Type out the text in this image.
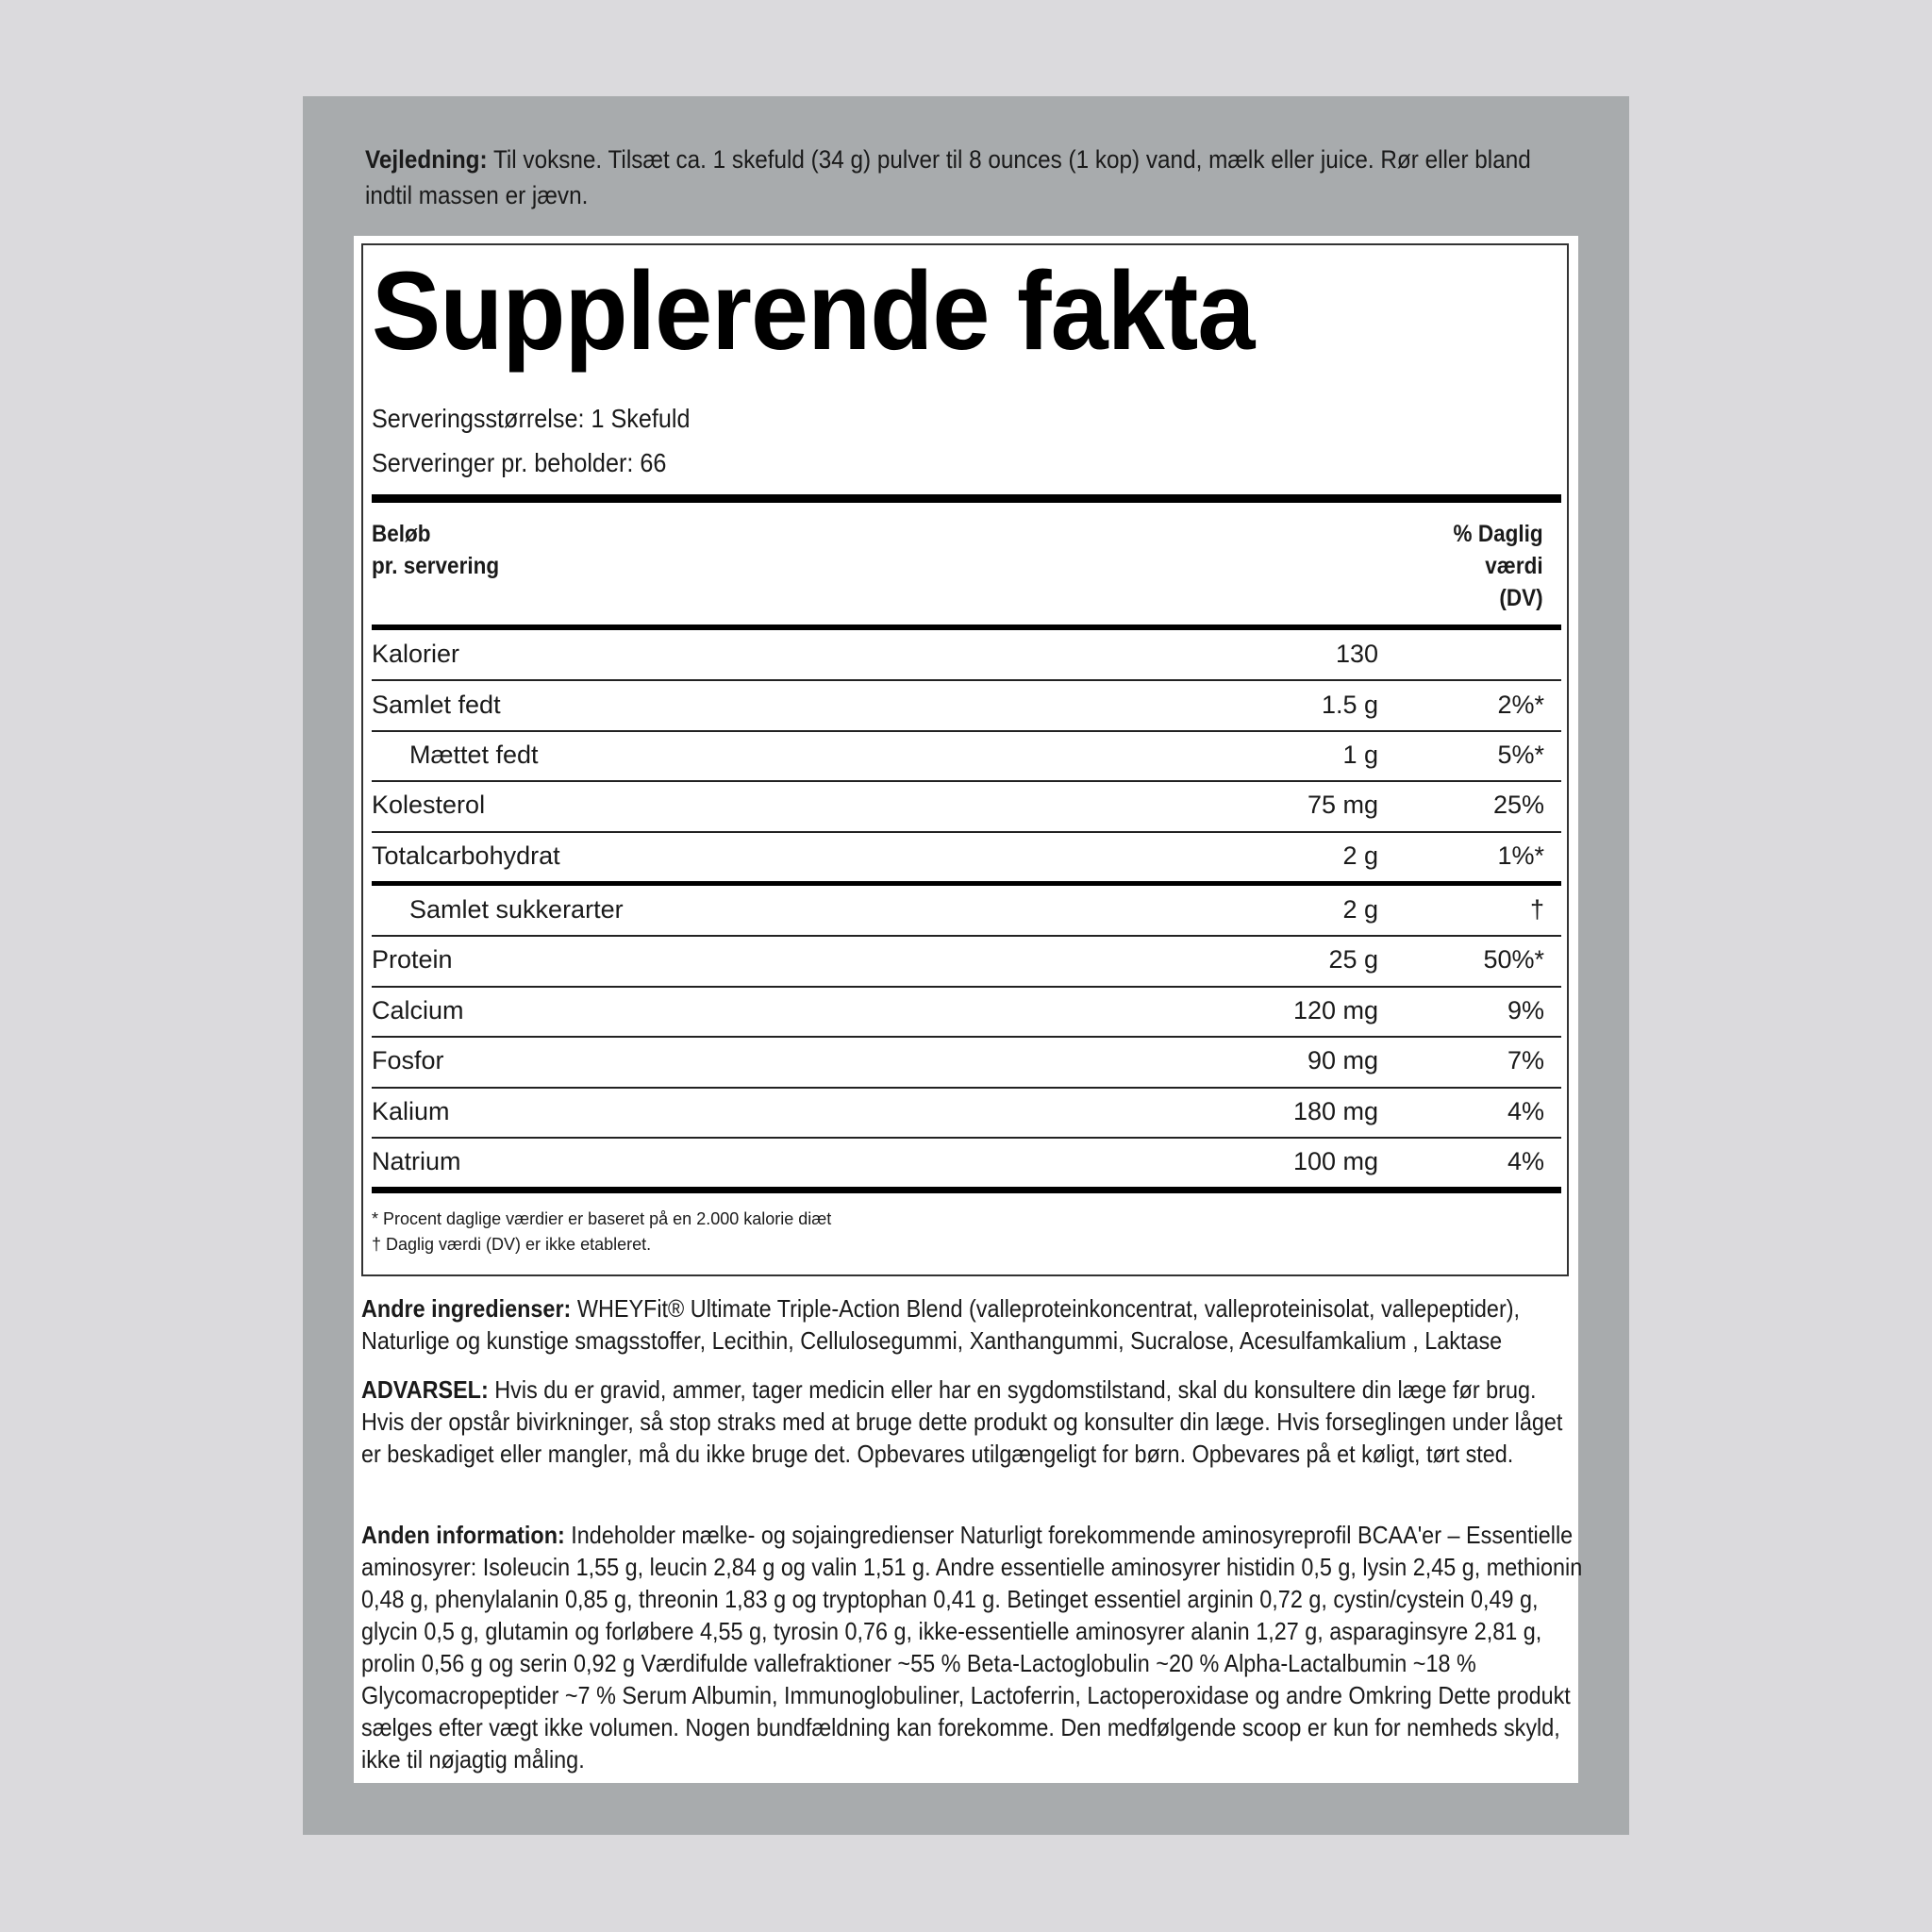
Vejledning: Til voksne. Tilsæt ca. 1 skefuld (34 g) pulver til 8 ounces (1 kop) vand, mælk eller juice. Rør eller bland indtil massen er jævn.
Supplerende fakta
Serveringsstørrelse: 1 Skefuld
Serveringer pr. beholder: 66
Beløb
pr. servering
% Daglig
værdi
(DV)
Kalorier	130
Samlet fedt	1.5 g	2%*
Mættet fedt	1 g	5%*
Kolesterol	75 mg	25%
Totalcarbohydrat	2 g	1%*
Samlet sukkerarter	2 g	†
Protein	25 g	50%*
Calcium	120 mg	9%
Fosfor	90 mg	7%
Kalium	180 mg	4%
Natrium	100 mg	4%
* Procent daglige værdier er baseret på en 2.000 kalorie diæt
† Daglig værdi (DV) er ikke etableret.
Andre ingredienser: WHEYFit® Ultimate Triple-Action Blend (valleproteinkoncentrat, valleproteinisolat, vallepeptider), Naturlige og kunstige smagsstoffer, Lecithin, Cellulosegummi, Xanthangummi, Sucralose, Acesulfamkalium , Laktase
ADVARSEL: Hvis du er gravid, ammer, tager medicin eller har en sygdomstilstand, skal du konsultere din læge før brug. Hvis der opstår bivirkninger, så stop straks med at bruge dette produkt og konsulter din læge. Hvis forseglingen under låget er beskadiget eller mangler, må du ikke bruge det. Opbevares utilgængeligt for børn. Opbevares på et køligt, tørt sted.
Anden information: Indeholder mælke- og sojaingredienser Naturligt forekommende aminosyreprofil BCAA'er – Essentielle aminosyrer: Isoleucin 1,55 g, leucin 2,84 g og valin 1,51 g. Andre essentielle aminosyrer histidin 0,5 g, lysin 2,45 g, methionin 0,48 g, phenylalanin 0,85 g, threonin 1,83 g og tryptophan 0,41 g. Betinget essentiel arginin 0,72 g, cystin/cystein 0,49 g, glycin 0,5 g, glutamin og forløbere 4,55 g, tyrosin 0,76 g, ikke-essentielle aminosyrer alanin 1,27 g, asparaginsyre 2,81 g, prolin 0,56 g og serin 0,92 g Værdifulde vallefraktioner ~55 % Beta-Lactoglobulin ~20 % Alpha-Lactalbumin ~18 % Glycomacropeptider ~7 % Serum Albumin, Immunoglobuliner, Lactoferrin, Lactoperoxidase og andre Omkring Dette produkt sælges efter vægt ikke volumen. Nogen bundfældning kan forekomme. Den medfølgende scoop er kun for nemheds skyld, ikke til nøjagtig måling.
